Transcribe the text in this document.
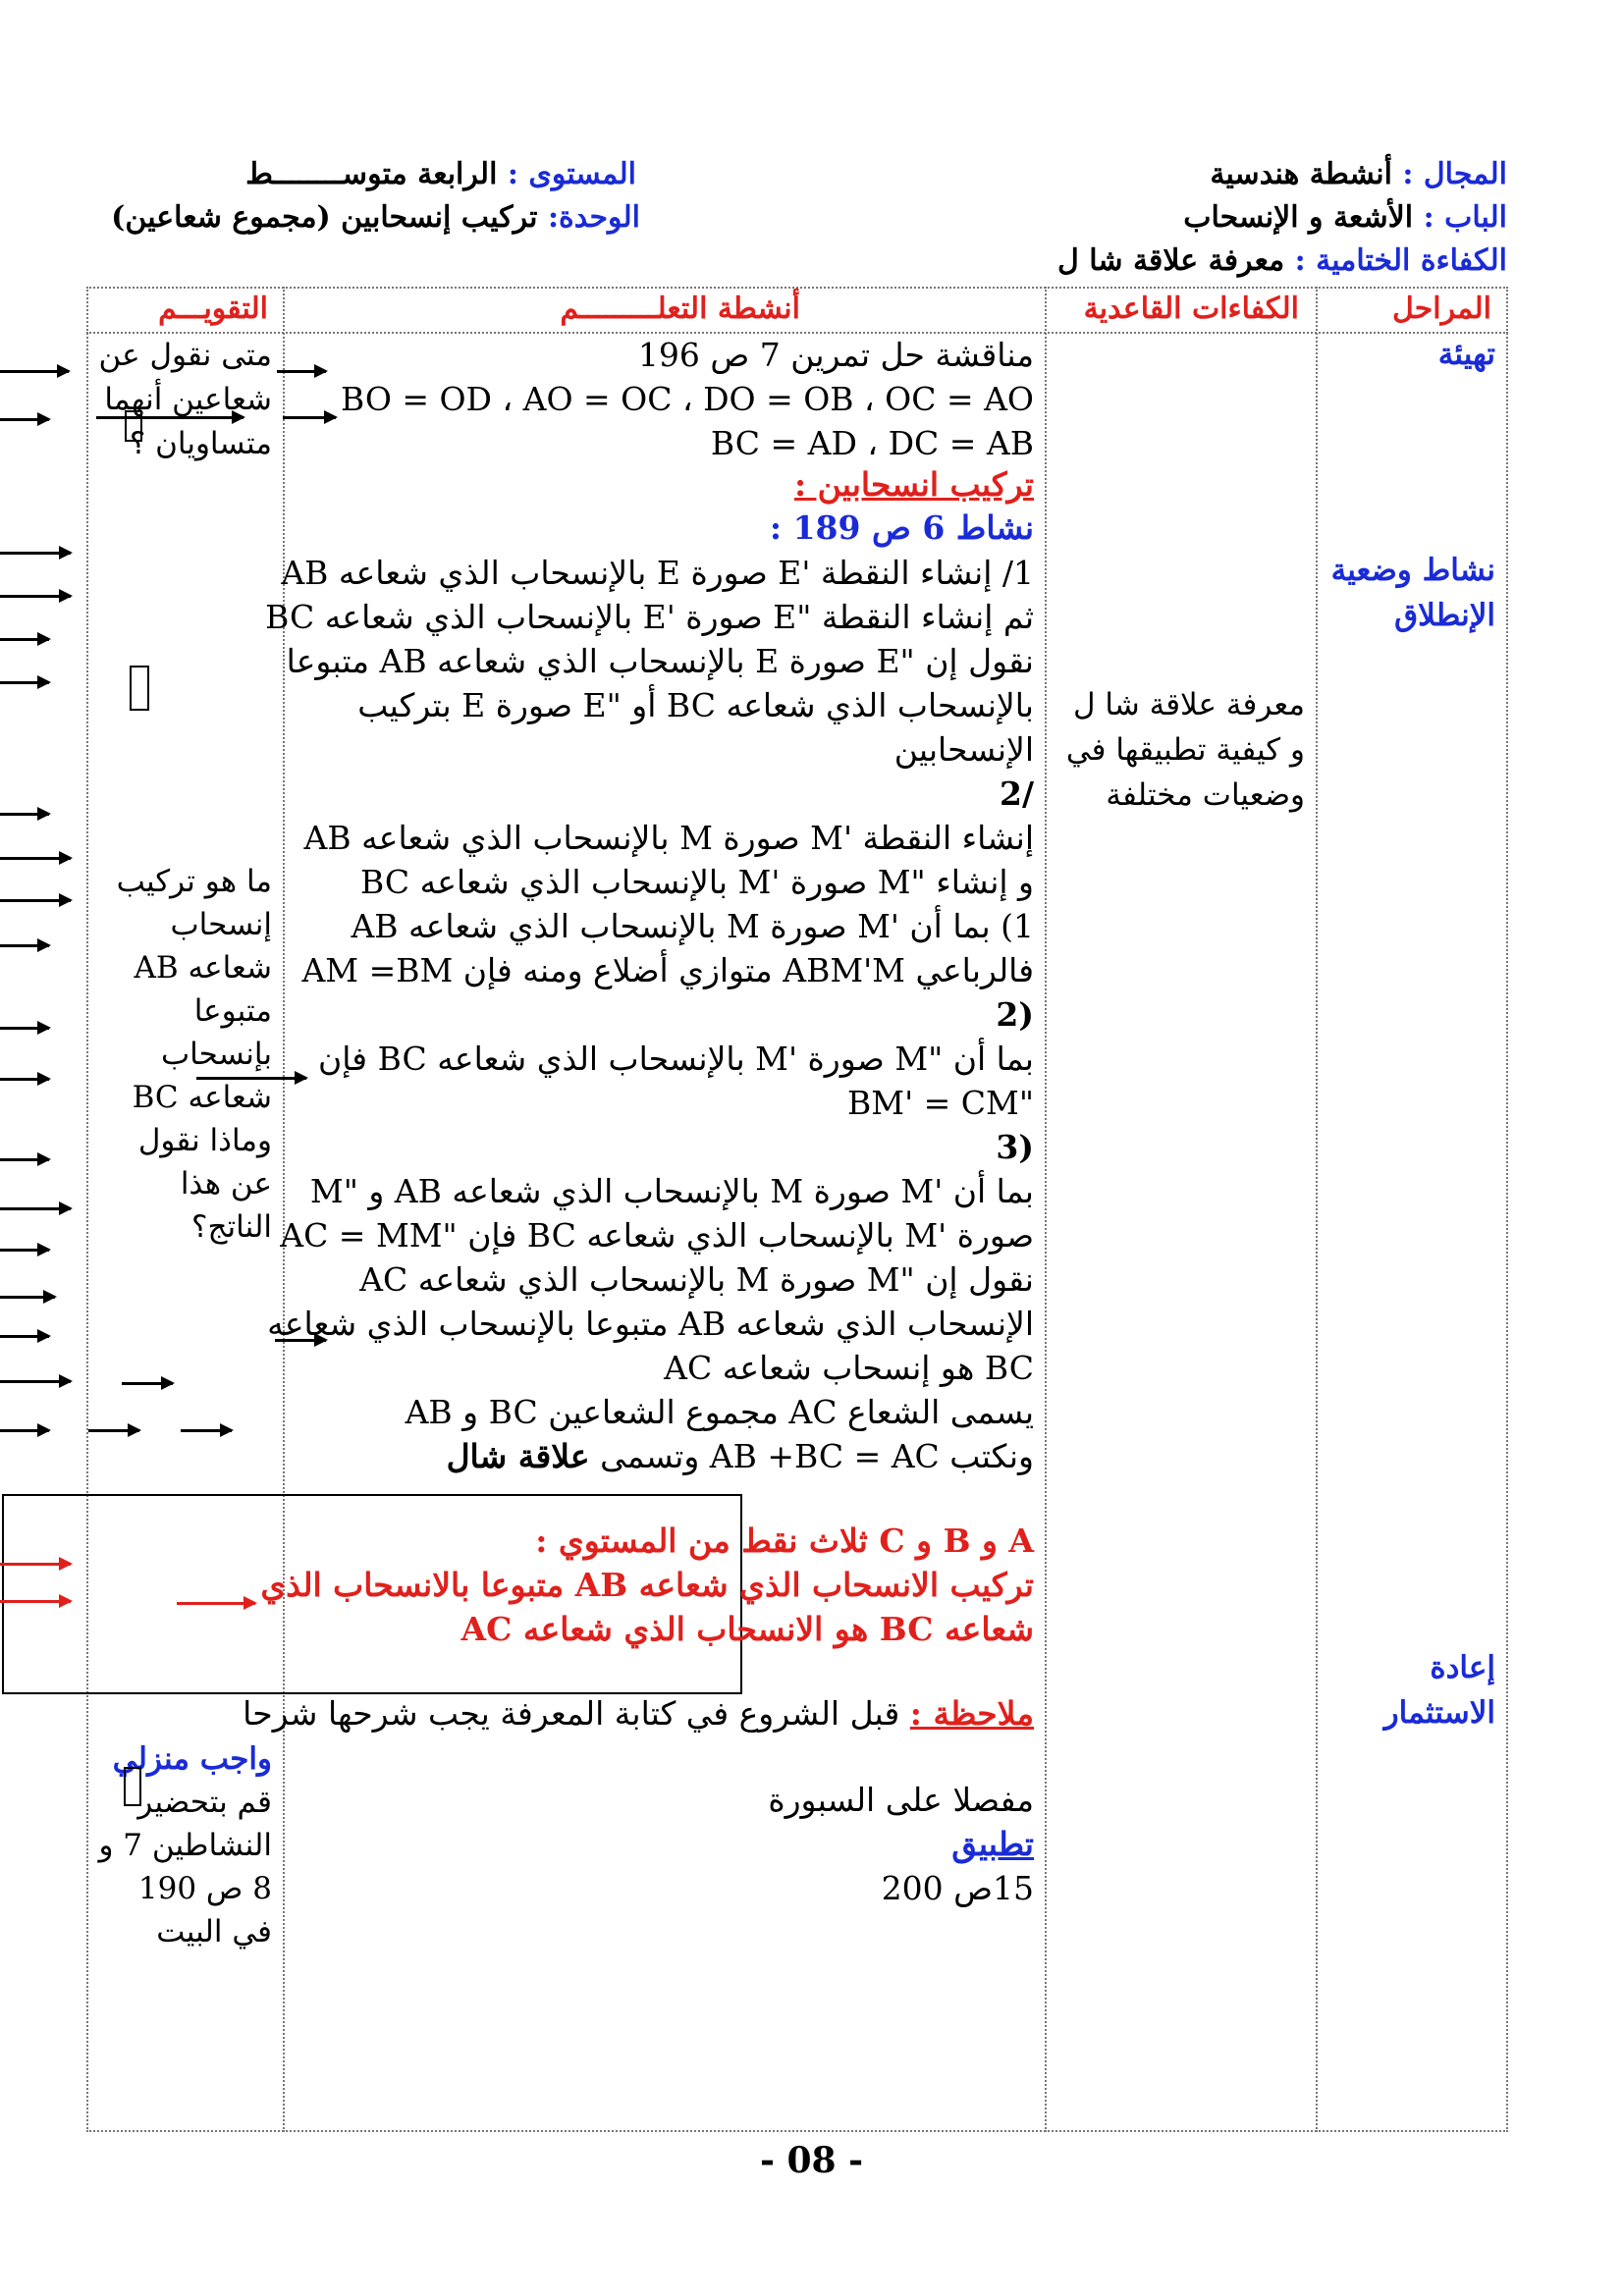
المجال : أنشطة هندسية
الباب : الأشعة و الإنسحاب
الكفاءة الختامية : معرفة علاقة شا ل
المستوى : الرابعة متوســــــــط
الوحدة: تركيب إنسحابين (مجموع شعاعين)
المراحل
الكفاءات القاعدية
أنشطة التعلـــــــــم
التقويـــم
تهيئة
نشاط وضعية
الإنطلاق
إعادة
الاستثمار
معرفة علاقة شا ل
و كيفية تطبيقها في
وضعيات مختلفة
مناقشة حل تمرين 7 ص 196
BO = OD ، AO = OC ، DO = OB ، OC = AO
BC = AD ، DC = AB
تركيب انسحابين :
نشاط 6 ص 189 :
1/ إنشاء النقطة 'E صورة E بالإنسحاب الذي شعاعه AB
ثم إنشاء النقطة "E صورة 'E بالإنسحاب الذي شعاعه BC
نقول إن "E صورة E بالإنسحاب الذي شعاعه AB متبوعا
بالإنسحاب الذي شعاعه BC أو "E صورة E بتركيب
الإنسحابين
/2
إنشاء النقطة 'M صورة M بالإنسحاب الذي شعاعه AB
و إنشاء "M صورة 'M بالإنسحاب الذي شعاعه BC
1) بما أن 'M صورة M بالإنسحاب الذي شعاعه AB
فالرباعي ABM'M متوازي أضلاع ومنه فإن AM =BM
(2
بما أن "M صورة 'M بالإنسحاب الذي شعاعه BC فإن
"BM' = CM
(3
بما أن 'M صورة M بالإنسحاب الذي شعاعه AB و "M
صورة 'M بالإنسحاب الذي شعاعه BC فإن "AC = MM
نقول إن "M صورة M بالإنسحاب الذي شعاعه AC
الإنسحاب الذي شعاعه AB متبوعا بالإنسحاب الذي شعاعه
BC هو إنسحاب شعاعه AC
يسمى الشعاع AC مجموع الشعاعين BC و AB
ونكتب AB +BC = AC وتسمى علاقة شال
A و B و C ثلاث نقط من المستوي :
تركيب الانسحاب الذي شعاعه AB متبوعا بالانسحاب الذي
شعاعه BC هو الانسحاب الذي شعاعه AC
ملاحظة : قبل الشروع في كتابة المعرفة يجب شرحها شرحا
مفصلا على السبورة
تطبيق
15ص 200
متى نقول عن
شعاعين أنهما
متساويان ؟
ما هو تركيب
إنسحاب
شعاعه AB
متبوعا
بإنسحاب
شعاعه BC
وماذا نقول
عن هذا
الناتج؟
واجب منزلي
قم بتحضير
النشاطين 7 و
8 ص 190
في البيت
- 08 -
